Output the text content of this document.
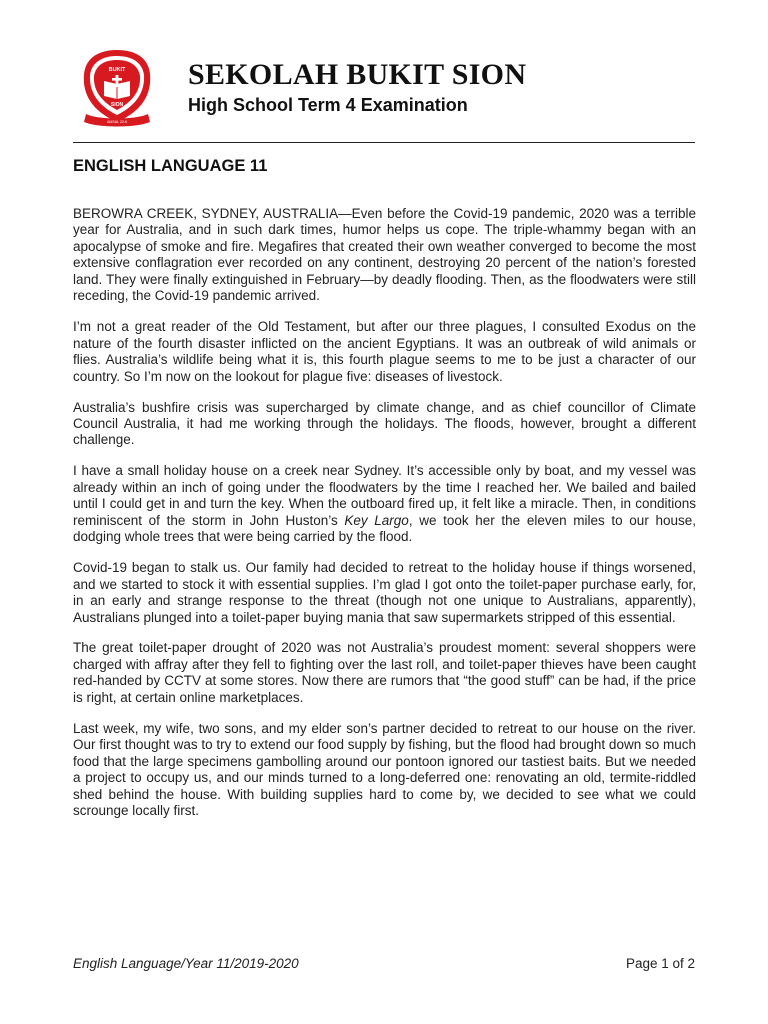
BUKIT
SION
AMSAL 22:6
SEKOLAH BUKIT SION
High School Term 4 Examination
ENGLISH LANGUAGE 11

BEROWRA CREEK, SYDNEY, AUSTRALIA—Even before the Covid-19 pandemic, 2020 was a terrible year for Australia, and in such dark times, humor helps us cope. The triple-whammy began with an apocalypse of smoke and fire. Megafires that created their own weather converged to become the most extensive conflagration ever recorded on any continent, destroying 20 percent of the nation’s forested land. They were finally extinguished in February—by deadly flooding. Then, as the floodwaters were still receding, the Covid-19 pandemic arrived.

I’m not a great reader of the Old Testament, but after our three plagues, I consulted Exodus on the nature of the fourth disaster inflicted on the ancient Egyptians. It was an outbreak of wild animals or flies. Australia’s wildlife being what it is, this fourth plague seems to me to be just a character of our country. So I’m now on the lookout for plague five: diseases of livestock.

Australia’s bushfire crisis was supercharged by climate change, and as chief councillor of Climate Council Australia, it had me working through the holidays. The floods, however, brought a different challenge.

I have a small holiday house on a creek near Sydney. It’s accessible only by boat, and my vessel was already within an inch of going under the floodwaters by the time I reached her. We bailed and bailed until I could get in and turn the key. When the outboard fired up, it felt like a miracle. Then, in conditions reminiscent of the storm in John Huston’s Key Largo, we took her the eleven miles to our house, dodging whole trees that were being carried by the flood.

Covid-19 began to stalk us. Our family had decided to retreat to the holiday house if things worsened, and we started to stock it with essential supplies. I’m glad I got onto the toilet-paper purchase early, for, in an early and strange response to the threat (though not one unique to Australians, apparently), Australians plunged into a toilet-paper buying mania that saw supermarkets stripped of this essential.

The great toilet-paper drought of 2020 was not Australia’s proudest moment: several shoppers were charged with affray after they fell to fighting over the last roll, and toilet-paper thieves have been caught red-handed by CCTV at some stores. Now there are rumors that “the good stuff” can be had, if the price is right, at certain online marketplaces.

Last week, my wife, two sons, and my elder son’s partner decided to retreat to our house on the river. Our first thought was to try to extend our food supply by fishing, but the flood had brought down so much food that the large specimens gambolling around our pontoon ignored our tastiest baits. But we needed a project to occupy us, and our minds turned to a long-deferred one: renovating an old, termite-riddled shed behind the house. With building supplies hard to come by, we decided to see what we could scrounge locally first.

English Language/Year 11/2019-2020	Page 1 of 2
